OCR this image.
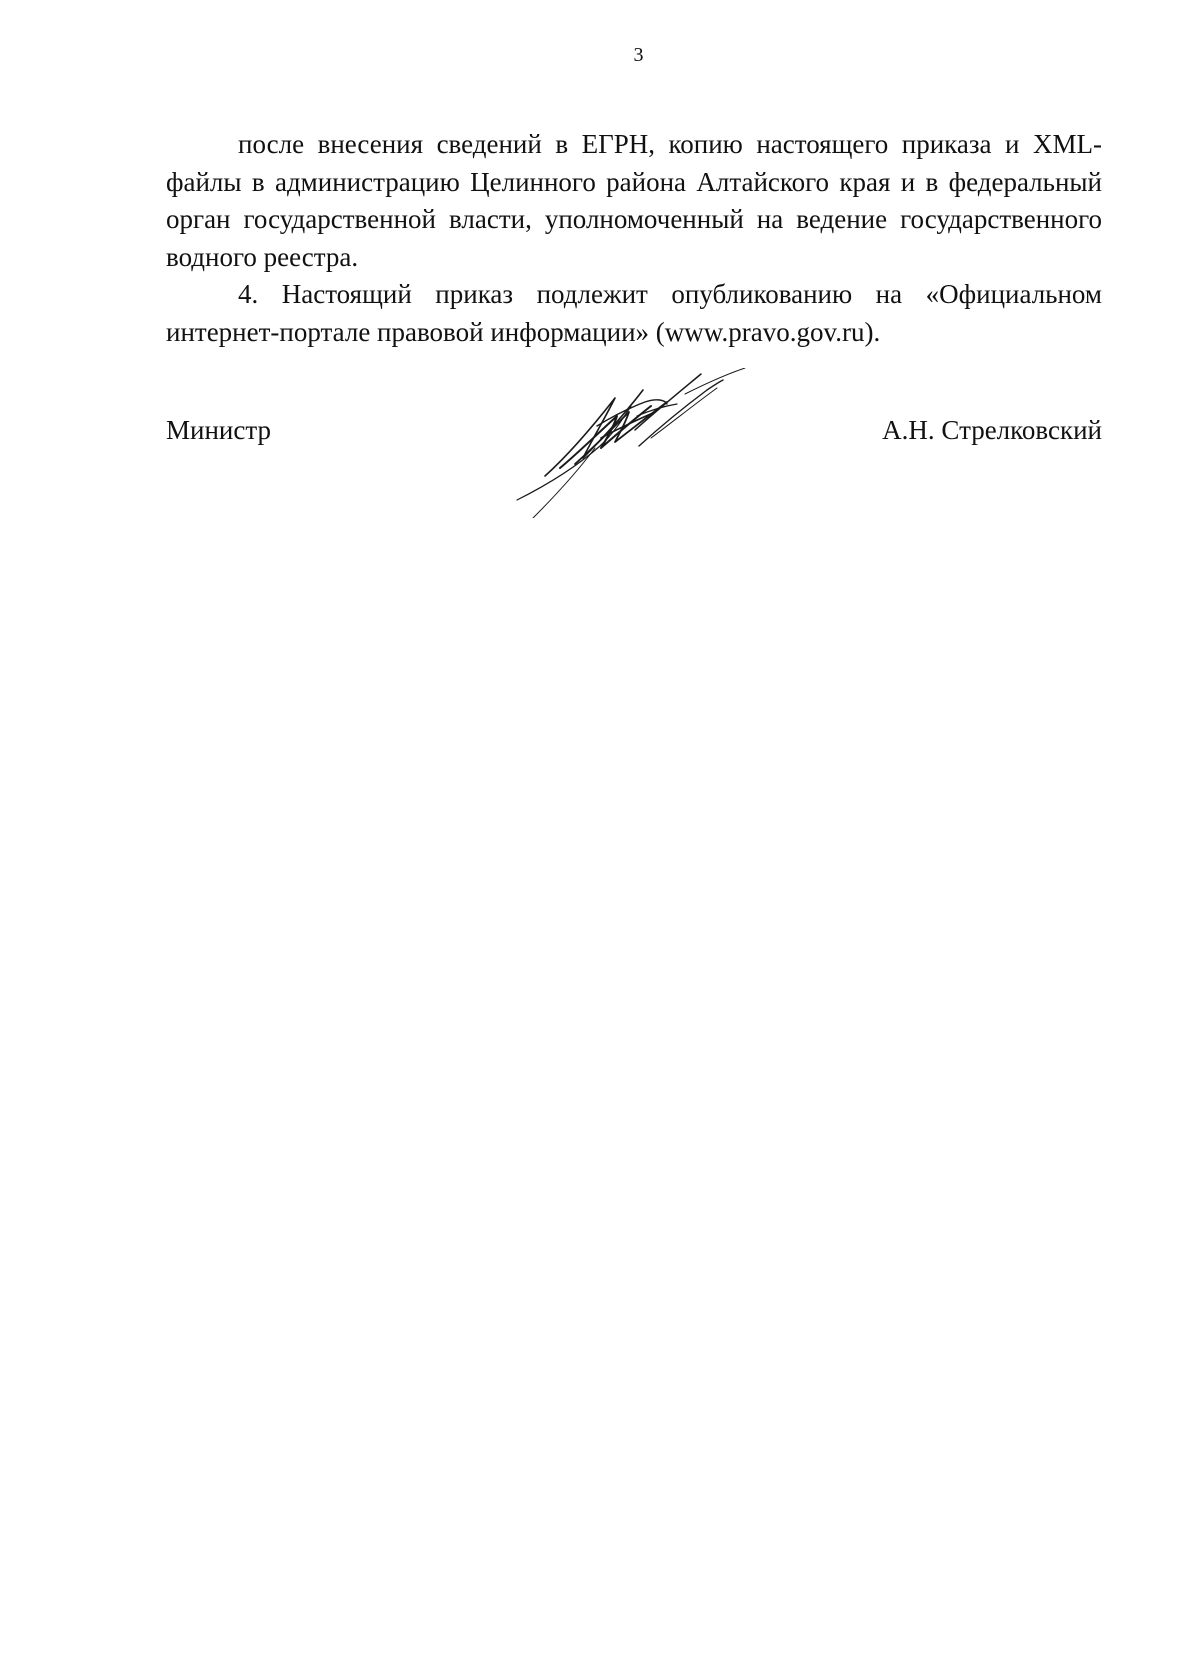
3

после внесения сведений в ЕГРН, копию настоящего приказа и XML-файлы в администрацию Целинного района Алтайского края и в федеральный орган государственной власти, уполномоченный на ведение государственного водного реестра.

4. Настоящий приказ подлежит опубликованию на «Официальном интернет-портале правовой информации» (www.pravo.gov.ru).

Министр	А.Н. Стрелковский
